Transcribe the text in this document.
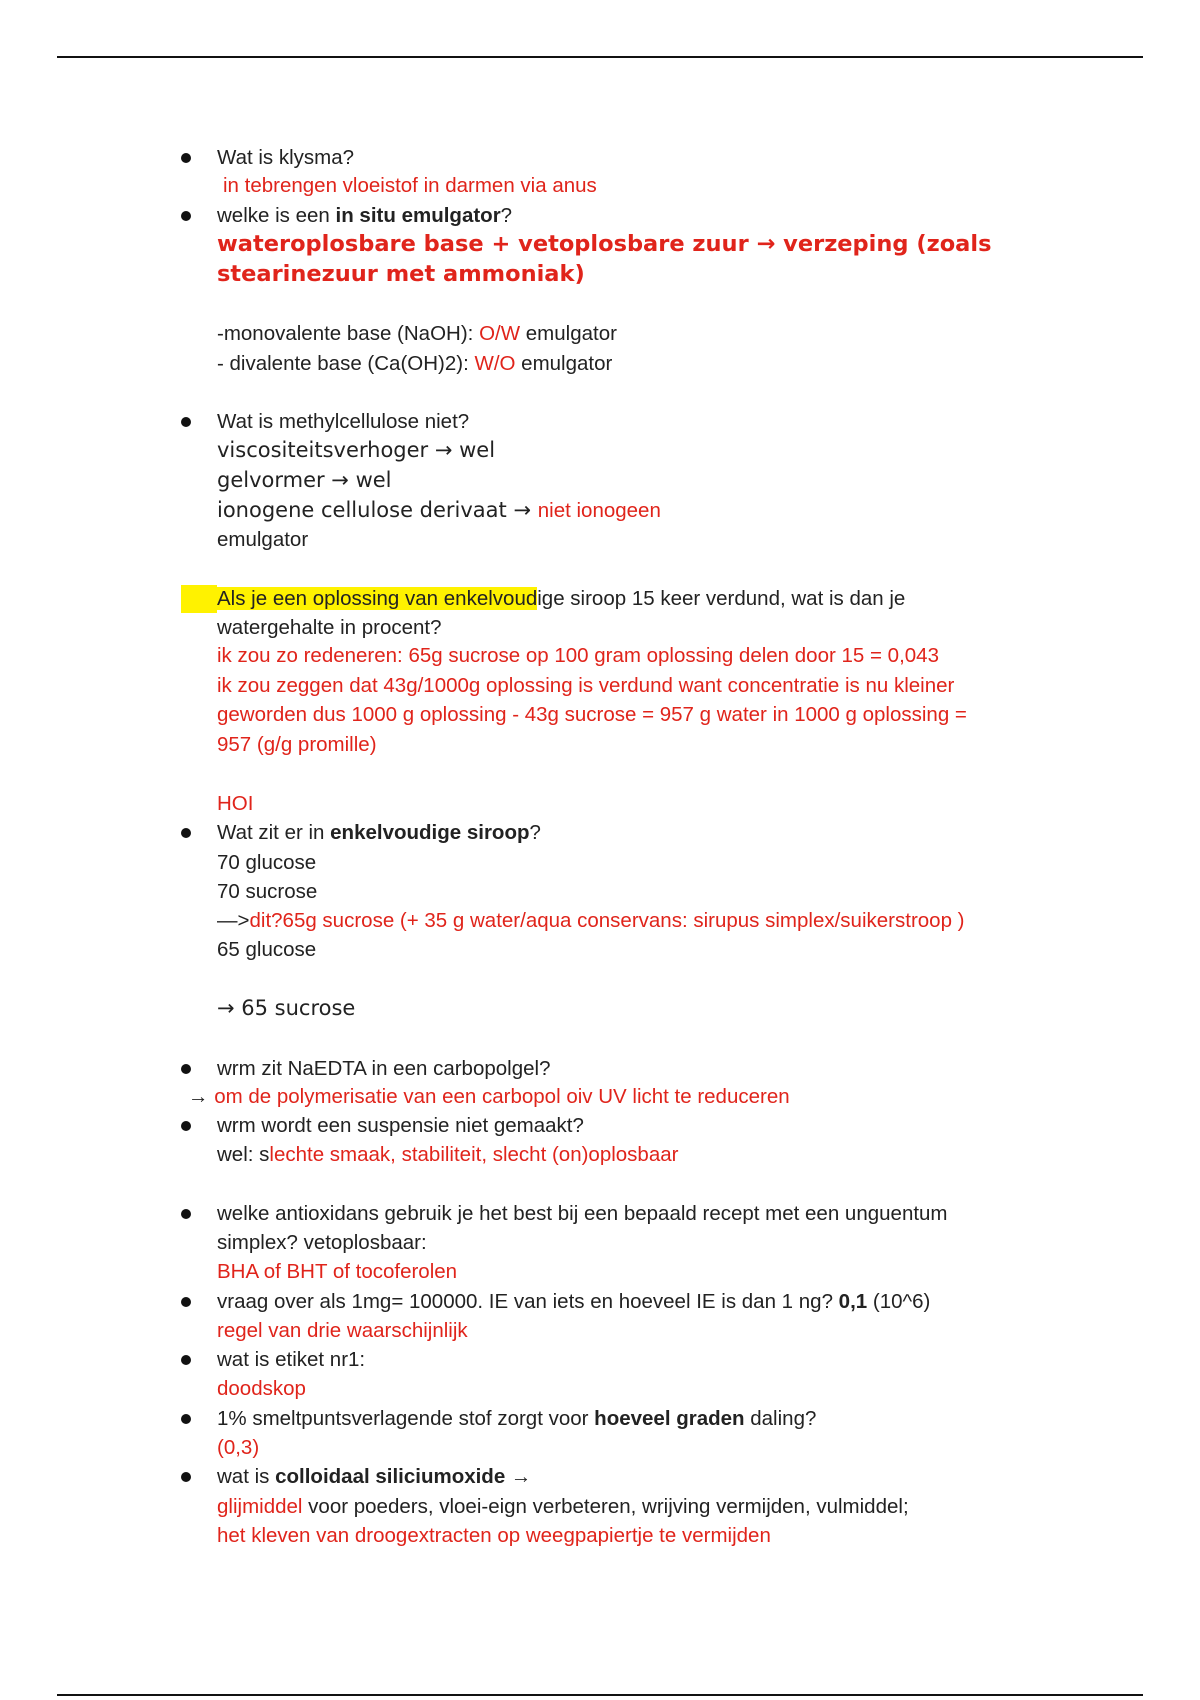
Wat is klysma?
in tebrengen vloeistof in darmen via anus
welke is een in situ emulgator?
wateroplosbare base + vetoplosbare zuur → verzeping (zoals
stearinezuur met ammoniak)
-monovalente base (NaOH): O/W emulgator
- divalente base (Ca(OH)2): W/O emulgator
Wat is methylcellulose niet?
viscositeitsverhoger → wel
gelvormer → wel
ionogene cellulose derivaat → niet ionogeen
emulgator
Als je een oplossing van enkelvoudige siroop 15 keer verdund, wat is dan je
watergehalte in procent?
ik zou zo redeneren: 65g sucrose op 100 gram oplossing delen door 15 = 0,043
ik zou zeggen dat 43g/1000g oplossing is verdund want concentratie is nu kleiner
geworden dus 1000 g oplossing - 43g sucrose = 957 g water in 1000 g oplossing =
957 (g/g promille)
HOI
Wat zit er in enkelvoudige siroop?
70 glucose
70 sucrose
—>dit?65g sucrose (+ 35 g water/aqua conservans: sirupus simplex/suikerstroop )
65 glucose
→ 65 sucrose
wrm zit NaEDTA in een carbopolgel?
→ om de polymerisatie van een carbopol oiv UV licht te reduceren
wrm wordt een suspensie niet gemaakt?
wel: slechte smaak, stabiliteit, slecht (on)oplosbaar
welke antioxidans gebruik je het best bij een bepaald recept met een unguentum
simplex? vetoplosbaar:
BHA of BHT of tocoferolen
vraag over als 1mg= 100000. IE van iets en hoeveel IE is dan 1 ng? 0,1 (10^6)
regel van drie waarschijnlijk
wat is etiket nr1:
doodskop
1% smeltpuntsverlagende stof zorgt voor hoeveel graden daling?
(0,3)
wat is colloidaal siliciumoxide →
glijmiddel voor poeders, vloei-eign verbeteren, wrijving vermijden, vulmiddel;
het kleven van droogextracten op weegpapiertje te vermijden
